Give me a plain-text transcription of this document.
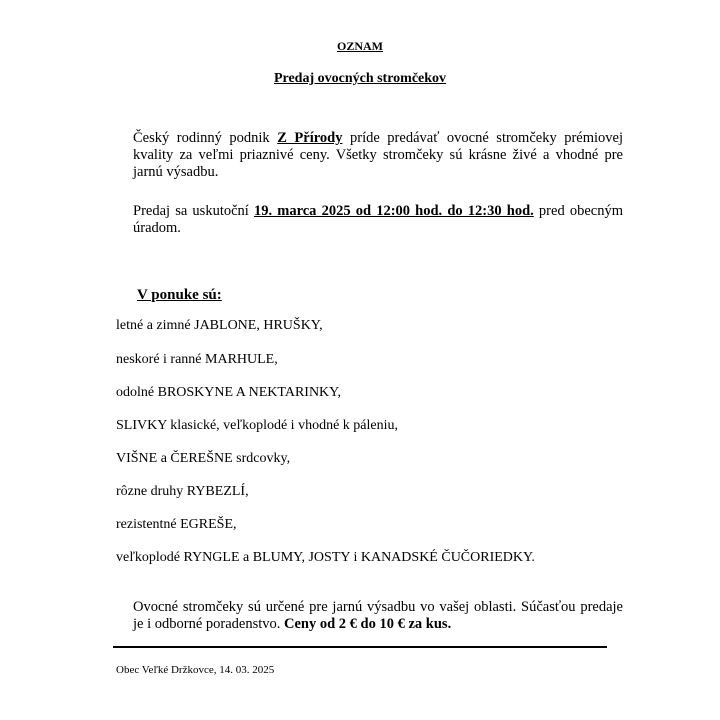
OZNAM
Predaj ovocných stromčekov
Český rodinný podnik Z Přírody príde predávať ovocné stromčeky prémiovej kvality za veľmi priaznivé ceny. Všetky stromčeky sú krásne živé a vhodné pre jarnú výsadbu.
Predaj sa uskutoční 19. marca 2025 od 12:00 hod. do 12:30 hod. pred obecným úradom.
V ponuke sú:
letné a zimné JABLONE, HRUŠKY,
neskoré i ranné MARHULE,
odolné BROSKYNE A NEKTARINKY,
SLIVKY klasické, veľkoplodé i vhodné k páleniu,
VIŠNE a ČEREŠNE srdcovky,
rôzne druhy RYBEZLÍ,
rezistentné EGREŠE,
veľkoplodé RYNGLE a BLUMY, JOSTY i KANADSKÉ ČUČORIEDKY.
Ovocné stromčeky sú určené pre jarnú výsadbu vo vašej oblasti. Súčasťou predaje je i odborné poradenstvo. Ceny od 2 € do 10 € za kus.
Obec Veľké Držkovce, 14. 03. 2025
